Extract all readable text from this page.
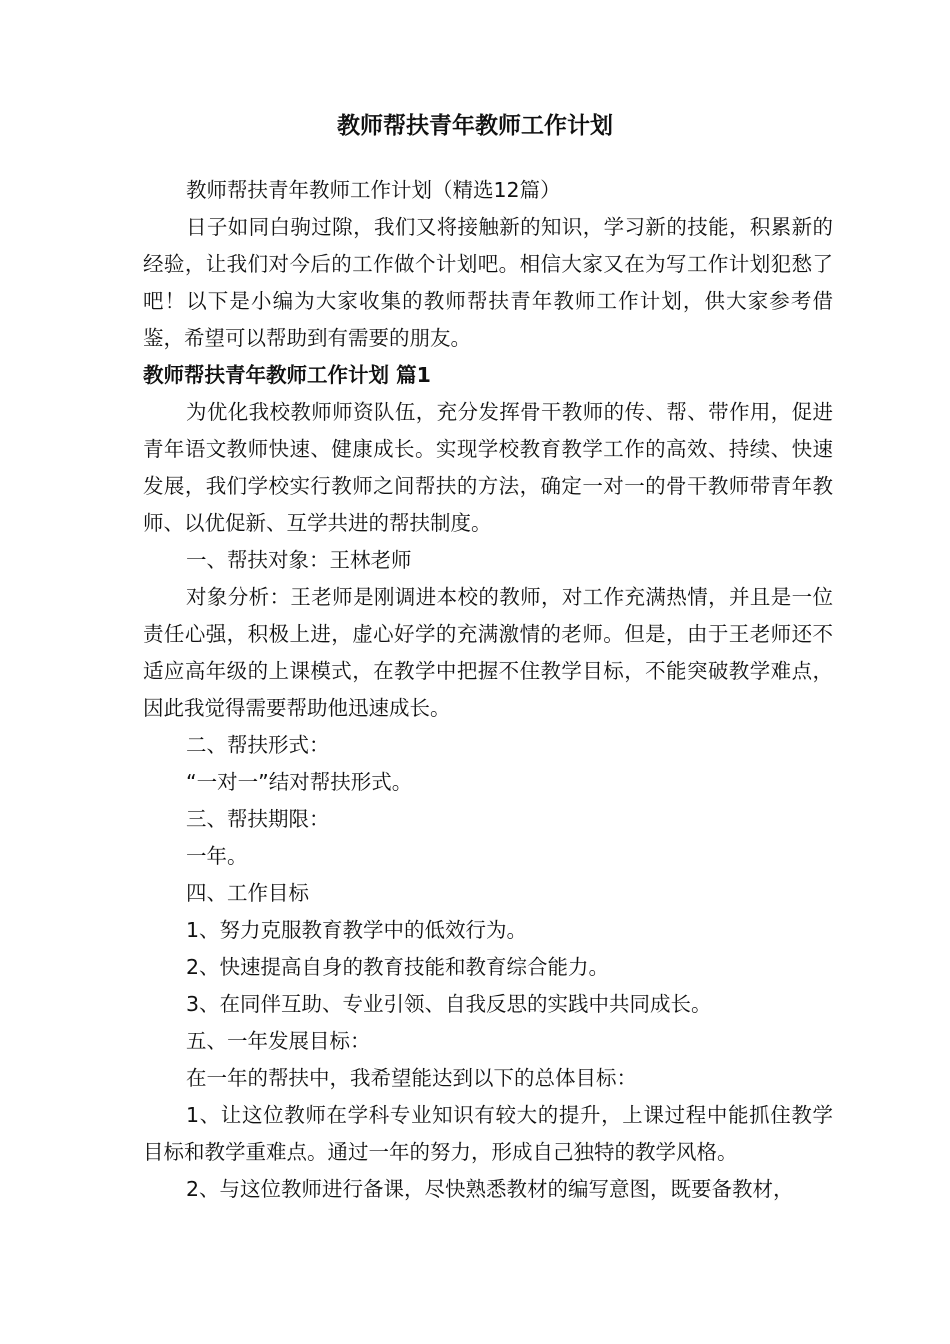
教师帮扶青年教师工作计划

教师帮扶青年教师工作计划（精选12篇）

日子如同白驹过隙，我们又将接触新的知识，学习新的技能，积累新的经验，让我们对今后的工作做个计划吧。相信大家又在为写工作计划犯愁了吧！以下是小编为大家收集的教师帮扶青年教师工作计划，供大家参考借鉴，希望可以帮助到有需要的朋友。

教师帮扶青年教师工作计划 篇1

为优化我校教师师资队伍，充分发挥骨干教师的传、帮、带作用，促进青年语文教师快速、健康成长。实现学校教育教学工作的高效、持续、快速发展，我们学校实行教师之间帮扶的方法，确定一对一的骨干教师带青年教师、以优促新、互学共进的帮扶制度。

一、帮扶对象：王林老师

对象分析：王老师是刚调进本校的教师，对工作充满热情，并且是一位责任心强，积极上进，虚心好学的充满激情的老师。但是，由于王老师还不适应高年级的上课模式，在教学中把握不住教学目标，不能突破教学难点，因此我觉得需要帮助他迅速成长。

二、帮扶形式：

“一对一”结对帮扶形式。

三、帮扶期限：

一年。

四、工作目标

1、努力克服教育教学中的低效行为。

2、快速提高自身的教育技能和教育综合能力。

3、在同伴互助、专业引领、自我反思的实践中共同成长。

五、一年发展目标：

在一年的帮扶中，我希望能达到以下的总体目标：

1、让这位教师在学科专业知识有较大的提升，上课过程中能抓住教学目标和教学重难点。通过一年的努力，形成自己独特的教学风格。

2、与这位教师进行备课，尽快熟悉教材的编写意图，既要备教材，
